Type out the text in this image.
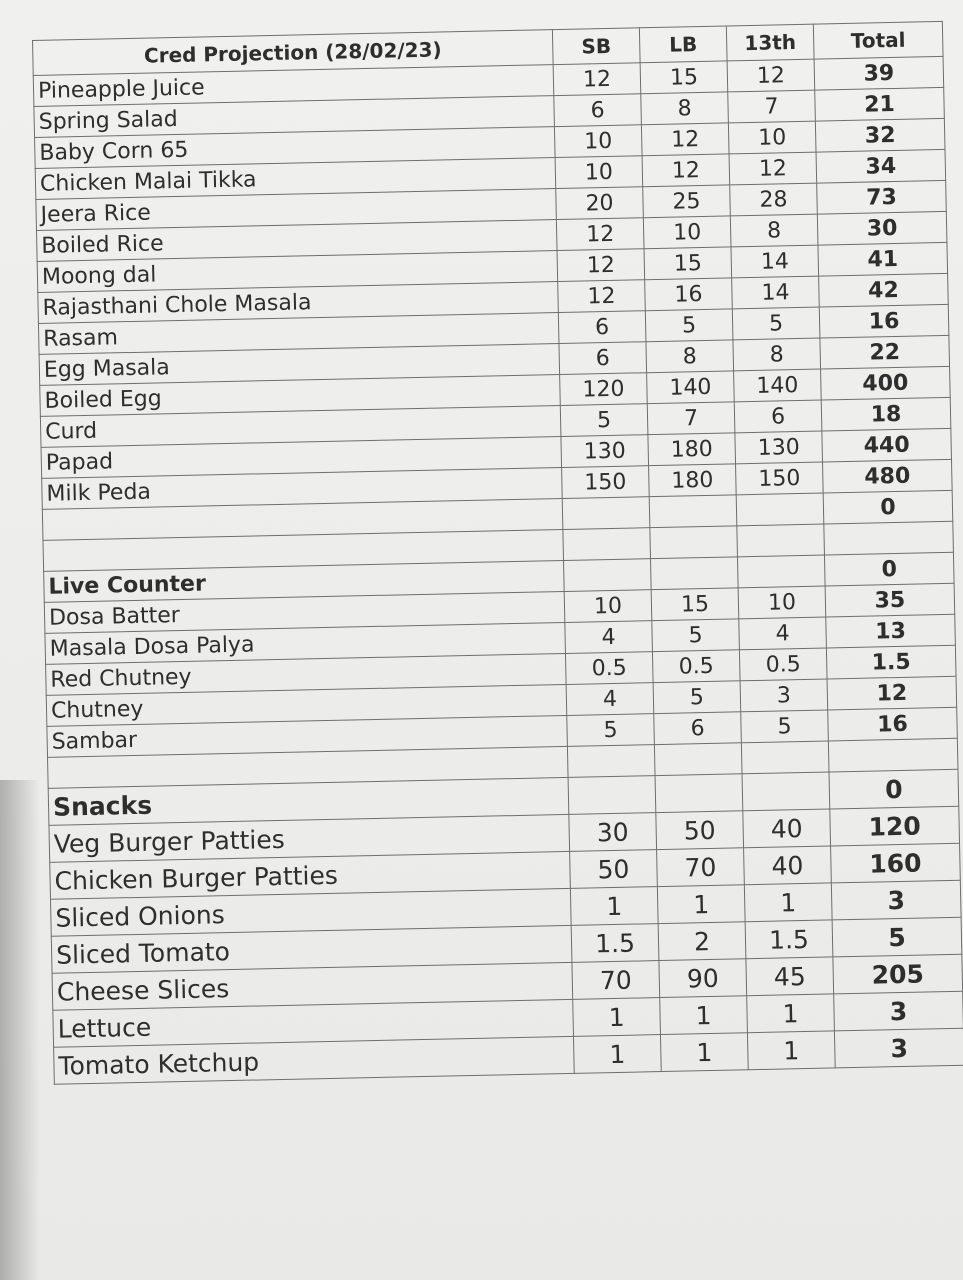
Cred Projection (28/02/23)	SB	LB	13th	Total
Pineapple Juice	12	15	12	39
Spring Salad	6	8	7	21
Baby Corn 65	10	12	10	32
Chicken Malai Tikka	10	12	12	34
Jeera Rice	20	25	28	73
Boiled Rice	12	10	8	30
Moong dal	12	15	14	41
Rajasthani Chole Masala	12	16	14	42
Rasam	6	5	5	16
Egg Masala	6	8	8	22
Boiled Egg	120	140	140	400
Curd	5	7	6	18
Papad	130	180	130	440
Milk Peda	150	180	150	480
				0

Live Counter				0
Dosa Batter	10	15	10	35
Masala Dosa Palya	4	5	4	13
Red Chutney	0.5	0.5	0.5	1.5
Chutney	4	5	3	12
Sambar	5	6	5	16

Snacks				0
Veg Burger Patties	30	50	40	120
Chicken Burger Patties	50	70	40	160
Sliced Onions	1	1	1	3
Sliced Tomato	1.5	2	1.5	5
Cheese Slices	70	90	45	205
Lettuce	1	1	1	3
Tomato Ketchup	1	1	1	3
